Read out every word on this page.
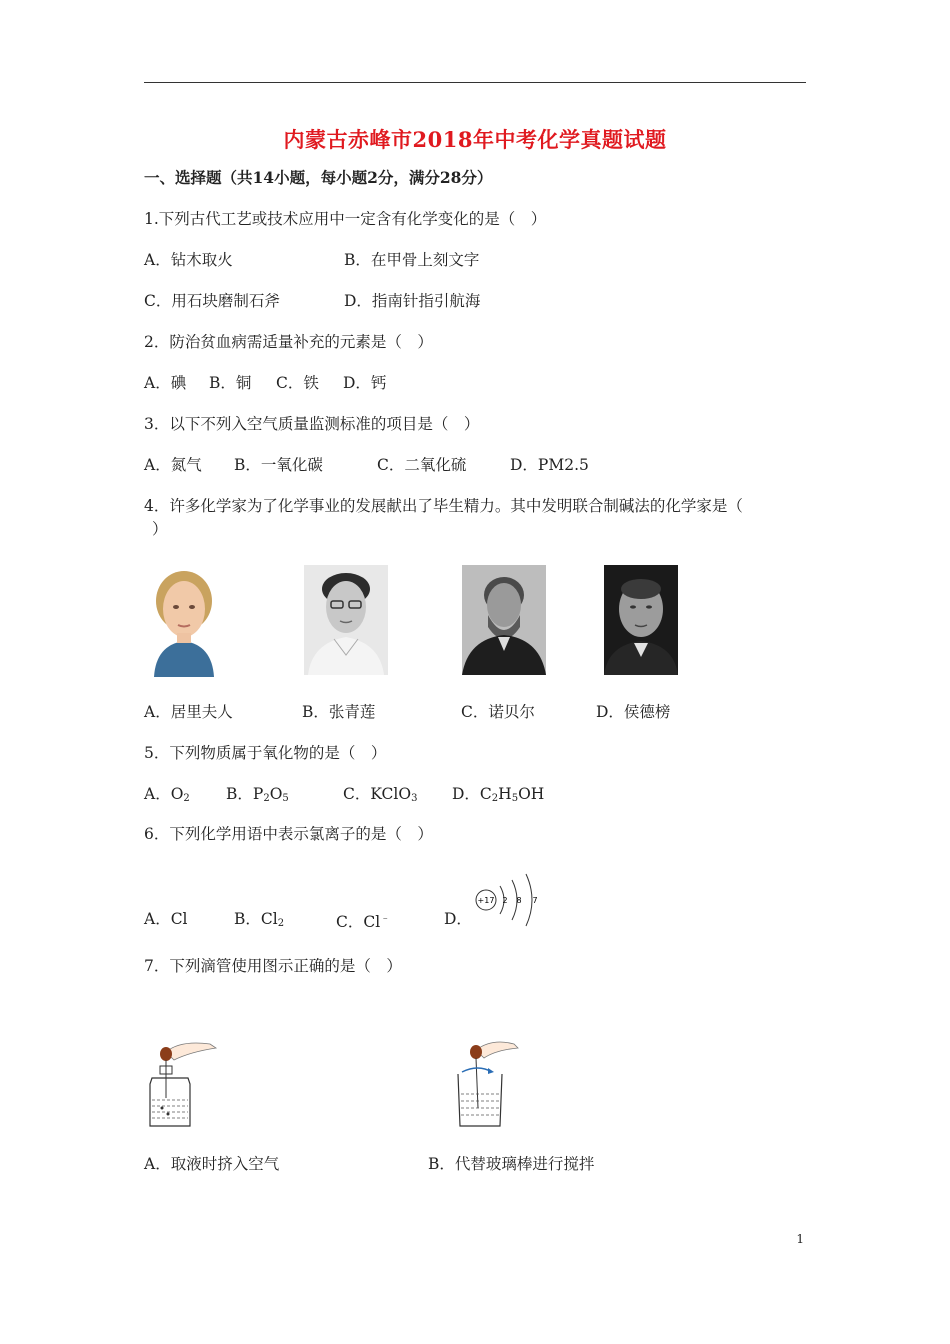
内蒙古赤峰市2018年中考化学真题试题
一、选择题（共14小题，每小题2分，满分28分）
1.下列古代工艺或技术应用中一定含有化学变化的是（　）
A．钻木取火	B．在甲骨上刻文字
C．用石块磨制石斧	D．指南针指引航海
2．防治贫血病需适量补充的元素是（　）
A．碘 B．铜 C．铁 D．钙
3．以下不列入空气质量监测标准的项目是（　）
A．氮气 B．一氧化碳	C．二氧化硫	D．PM2.5
4．许多化学家为了化学事业的发展献出了毕生精力。其中发明联合制碱法的化学家是（
）
A．居里夫人	B．张青莲	C．诺贝尔	D．侯德榜
5．下列物质属于氧化物的是（　）
A．$O_2$ B．$P_2O_5$	C．KClO$_3$ D．$C_2H_5OH$
6．下列化学用语中表示氯离子的是（　）
A．Cl	B．$Cl_2$	C．Cl﹣	D．
+17 2 8 7
7．下列滴管使用图示正确的是（　）
A．取液时挤入空气	B．代替玻璃棒进行搅拌
1
